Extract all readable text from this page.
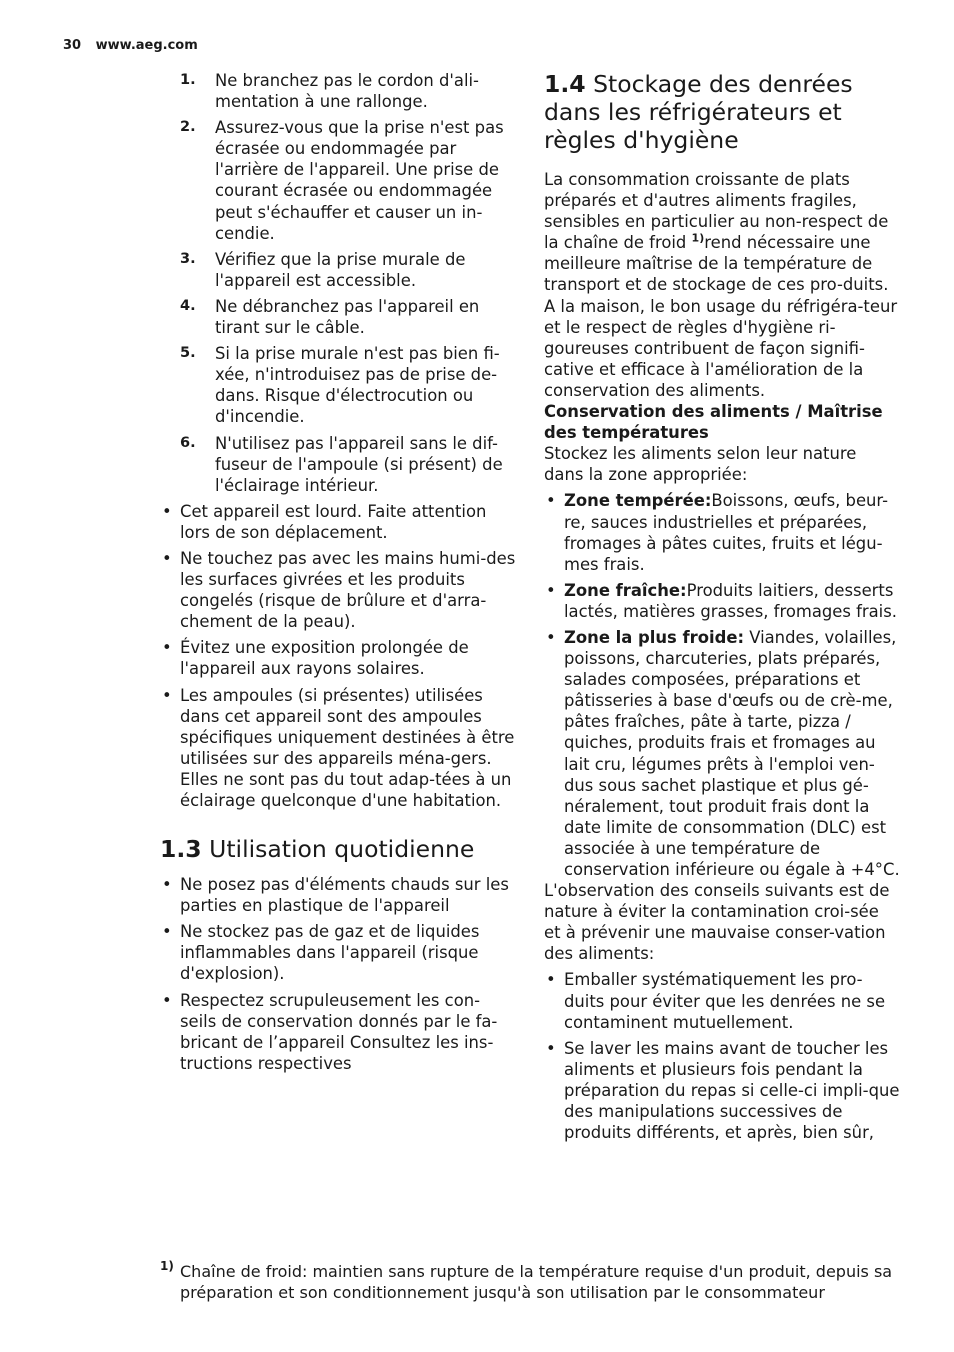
30 www.aeg.com
1. Ne branchez pas le cordon d'ali-mentation à une rallonge.
2. Assurez-vous que la prise n'est pas écrasée ou endommagée par l'arrière de l'appareil. Une prise de courant écrasée ou endommagée peut s'échauffer et causer un in-cendie.
3. Vérifiez que la prise murale de l'appareil est accessible.
4. Ne débranchez pas l'appareil en tirant sur le câble.
5. Si la prise murale n'est pas bien fi-xée, n'introduisez pas de prise de-dans. Risque d'électrocution ou d'incendie.
6. N'utilisez pas l'appareil sans le dif-fuseur de l'ampoule (si présent) de l'éclairage intérieur.
• Cet appareil est lourd. Faite attention lors de son déplacement.
• Ne touchez pas avec les mains humi-des les surfaces givrées et les produits congelés (risque de brûlure et d'arra-chement de la peau).
• Évitez une exposition prolongée de l'appareil aux rayons solaires.
• Les ampoules (si présentes) utilisées dans cet appareil sont des ampoules spécifiques uniquement destinées à être utilisées sur des appareils ména-gers. Elles ne sont pas du tout adap-tées à un éclairage quelconque d'une habitation.
1.3 Utilisation quotidienne
• Ne posez pas d'éléments chauds sur les parties en plastique de l'appareil
• Ne stockez pas de gaz et de liquides inflammables dans l'appareil (risque d'explosion).
• Respectez scrupuleusement les con-seils de conservation donnés par le fa-bricant de l’appareil Consultez les ins-tructions respectives
1.4 Stockage des denrées dans les réfrigérateurs et règles d'hygiène

La consommation croissante de plats préparés et d'autres aliments fragiles, sensibles en particulier au non-respect de la chaîne de froid $^{1)}$rend nécessaire une meilleure maîtrise de la température de transport et de stockage de ces pro-duits.

A la maison, le bon usage du réfrigéra-teur et le respect de règles d'hygiène ri-goureuses contribuent de façon signifi-cative et efficace à l'amélioration de la conservation des aliments.

Conservation des aliments / Maîtrise des températures

Stockez les aliments selon leur nature dans la zone appropriée:

• Zone tempérée:Boissons, œufs, beur-re, sauces industrielles et préparées, fromages à pâtes cuites, fruits et légu-mes frais.
• Zone fraîche:Produits laitiers, desserts lactés, matières grasses, fromages frais.
• Zone la plus froide: Viandes, volailles, poissons, charcuteries, plats préparés, salades composées, préparations et pâtisseries à base d'œufs ou de crè-me, pâtes fraîches, pâte à tarte, pizza / quiches, produits frais et fromages au lait cru, légumes prêts à l'emploi ven-dus sous sachet plastique et plus gé-néralement, tout produit frais dont la date limite de consommation (DLC) est associée à une température de conservation inférieure ou égale à +4°C.

L'observation des conseils suivants est de nature à éviter la contamination croi-sée et à prévenir une mauvaise conser-vation des aliments:

• Emballer systématiquement les pro-duits pour éviter que les denrées ne se contaminent mutuellement.
• Se laver les mains avant de toucher les aliments et plusieurs fois pendant la préparation du repas si celle-ci impli-que des manipulations successives de produits différents, et après, bien sûr,
1) Chaîne de froid: maintien sans rupture de la température requise d'un produit, depuis sa préparation et son conditionnement jusqu'à son utilisation par le consommateur
